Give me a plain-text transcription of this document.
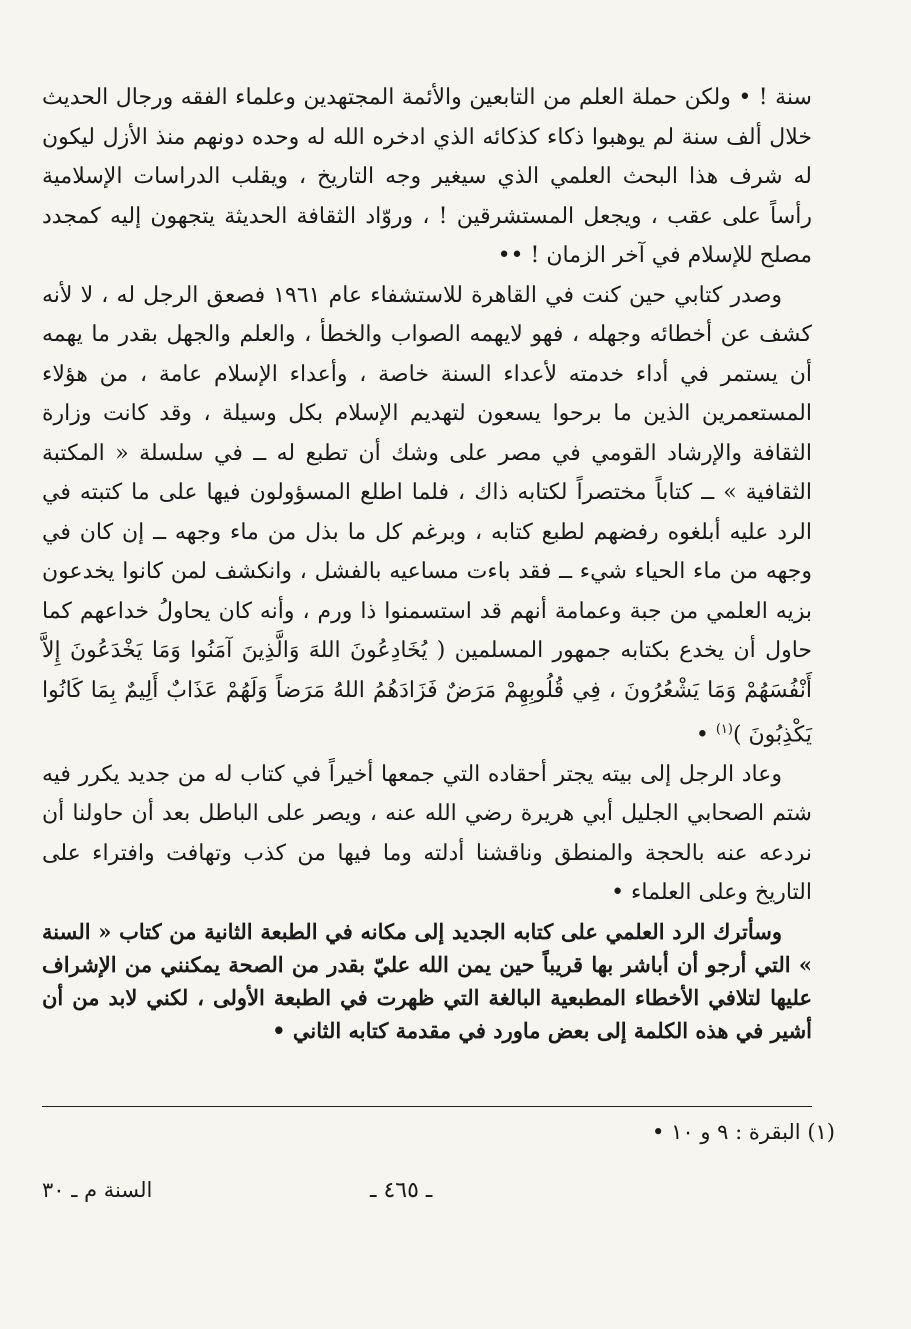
سنة ! • ولكن حملة العلم من التابعين والأئمة المجتهدين وعلماء الفقه ورجال الحديث خلال ألف سنة لم يوهبوا ذكاء كذكائه الذي ادخره الله له وحده دونهم منذ الأزل ليكون له شرف هذا البحث العلمي الذي سيغير وجه التاريخ ، ويقلب الدراسات الإسلامية رأساً على عقب ، ويجعل المستشرقين ! ، وروّاد الثقافة الحديثة يتجهون إليه كمجدد مصلح للإسلام في آخر الزمان ! ••

وصدر كتابي حين كنت في القاهرة للاستشفاء عام ١٩٦١ فصعق الرجل له ، لا لأنه كشف عن أخطائه وجهله ، فهو لايهمه الصواب والخطأ ، والعلم والجهل بقدر ما يهمه أن يستمر في أداء خدمته لأعداء السنة خاصة ، وأعداء الإسلام عامة ، من هؤلاء المستعمرين الذين ما برحوا يسعون لتهديم الإسلام بكل وسيلة ، وقد كانت وزارة الثقافة والإرشاد القومي في مصر على وشك أن تطبع له ــ في سلسلة « المكتبة الثقافية » ــ كتاباً مختصراً لكتابه ذاك ، فلما اطلع المسؤولون فيها على ما كتبته في الرد عليه أبلغوه رفضهم لطبع كتابه ، وبرغم كل ما بذل من ماء وجهه ــ إن كان في وجهه من ماء الحياء شيء ــ فقد باءت مساعيه بالفشل ، وانكشف لمن كانوا يخدعون بزيه العلمي من جبة وعمامة أنهم قد استسمنوا ذا ورم ، وأنه كان يحاولُ خداعهم كما حاول أن يخدع بكتابه جمهور المسلمين ( يُخَادِعُونَ اللهَ وَالَّذِينَ آمَنُوا وَمَا يَخْدَعُونَ إِلاَّ أَنْفُسَهُمْ وَمَا يَشْعُرُونَ ، فِي قُلُوبِهِمْ مَرَضٌ فَزَادَهُمُ اللهُ مَرَضاً وَلَهُمْ عَذَابٌ أَلِيمٌ بِمَا كَانُوا يَكْذِبُونَ )$^{(١)}$ •

وعاد الرجل إلى بيته يجتر أحقاده التي جمعها أخيراً في كتاب له من جديد يكرر فيه شتم الصحابي الجليل أبي هريرة رضي الله عنه ، ويصر على الباطل بعد أن حاولنا أن نردعه عنه بالحجة والمنطق وناقشنا أدلته وما فيها من كذب وتهافت وافتراء على التاريخ وعلى العلماء •

وسأترك الرد العلمي على كتابه الجديد إلى مكانه في الطبعة الثانية من كتاب « السنة » التي أرجو أن أباشر بها قريباً حين يمن الله عليّ بقدر من الصحة يمكنني من الإشراف عليها لتلافي الأخطاء المطبعية البالغة التي ظهرت في الطبعة الأولى ، لكني لابد من أن أشير في هذه الكلمة إلى بعض ماورد في مقدمة كتابه الثاني •

(١) البقرة : ٩ و ١٠ •
ـ ٤٦٥ ـ
السنة م ـ ٣٠
